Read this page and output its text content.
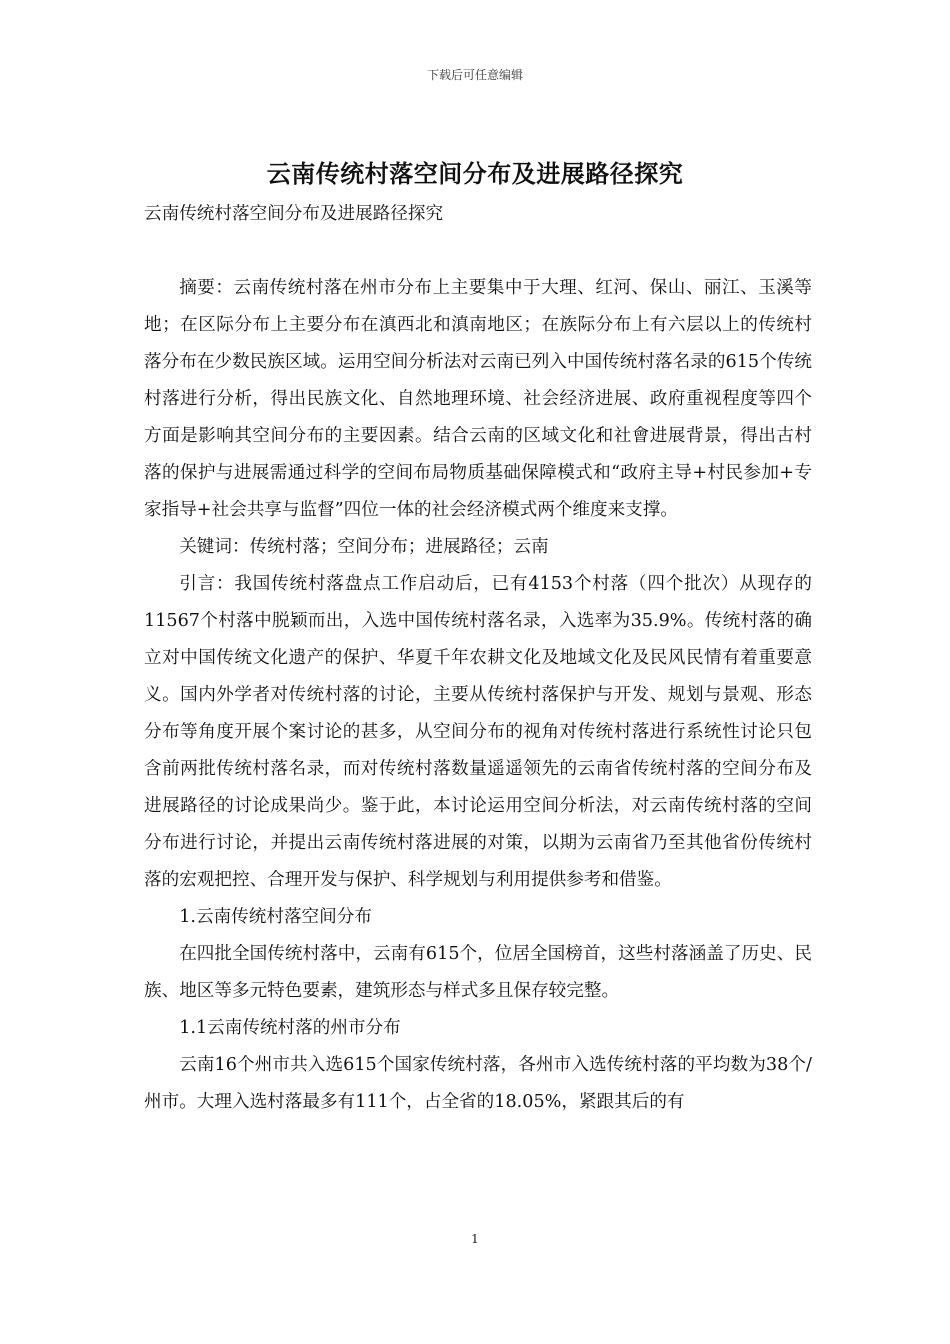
下载后可任意编辑
云南传统村落空间分布及进展路径探究

云南传统村落空间分布及进展路径探究

摘要：云南传统村落在州市分布上主要集中于大理、红河、保山、丽江、玉溪等地；在区际分布上主要分布在滇西北和滇南地区；在族际分布上有六层以上的传统村落分布在少数民族区域。运用空间分析法对云南已列入中国传统村落名录的615个传统村落进行分析，得出民族文化、自然地理环境、社会经济进展、政府重视程度等四个方面是影响其空间分布的主要因素。结合云南的区域文化和社會进展背景，得出古村落的保护与进展需通过科学的空间布局物质基础保障模式和“政府主导+村民参加+专家指导+社会共享与监督”四位一体的社会经济模式两个维度来支撑。

关键词：传统村落；空间分布；进展路径；云南

引言：我国传统村落盘点工作启动后，已有4153个村落（四个批次）从现存的11567个村落中脱颖而出，入选中国传统村落名录，入选率为35.9%。传统村落的确立对中国传统文化遗产的保护、华夏千年农耕文化及地域文化及民风民情有着重要意义。国内外学者对传统村落的讨论，主要从传统村落保护与开发、规划与景观、形态分布等角度开展个案讨论的甚多，从空间分布的视角对传统村落进行系统性讨论只包含前两批传统村落名录，而对传统村落数量遥遥领先的云南省传统村落的空间分布及进展路径的讨论成果尚少。鉴于此，本讨论运用空间分析法，对云南传统村落的空间分布进行讨论，并提出云南传统村落进展的对策，以期为云南省乃至其他省份传统村落的宏观把控、合理开发与保护、科学规划与利用提供参考和借鉴。

1.云南传统村落空间分布

在四批全国传统村落中，云南有615个，位居全国榜首，这些村落涵盖了历史、民族、地区等多元特色要素，建筑形态与样式多且保存较完整。

1.1云南传统村落的州市分布

云南16个州市共入选615个国家传统村落，各州市入选传统村落的平均数为38个/州市。大理入选村落最多有111个，占全省的18.05%，紧跟其后的有

1
